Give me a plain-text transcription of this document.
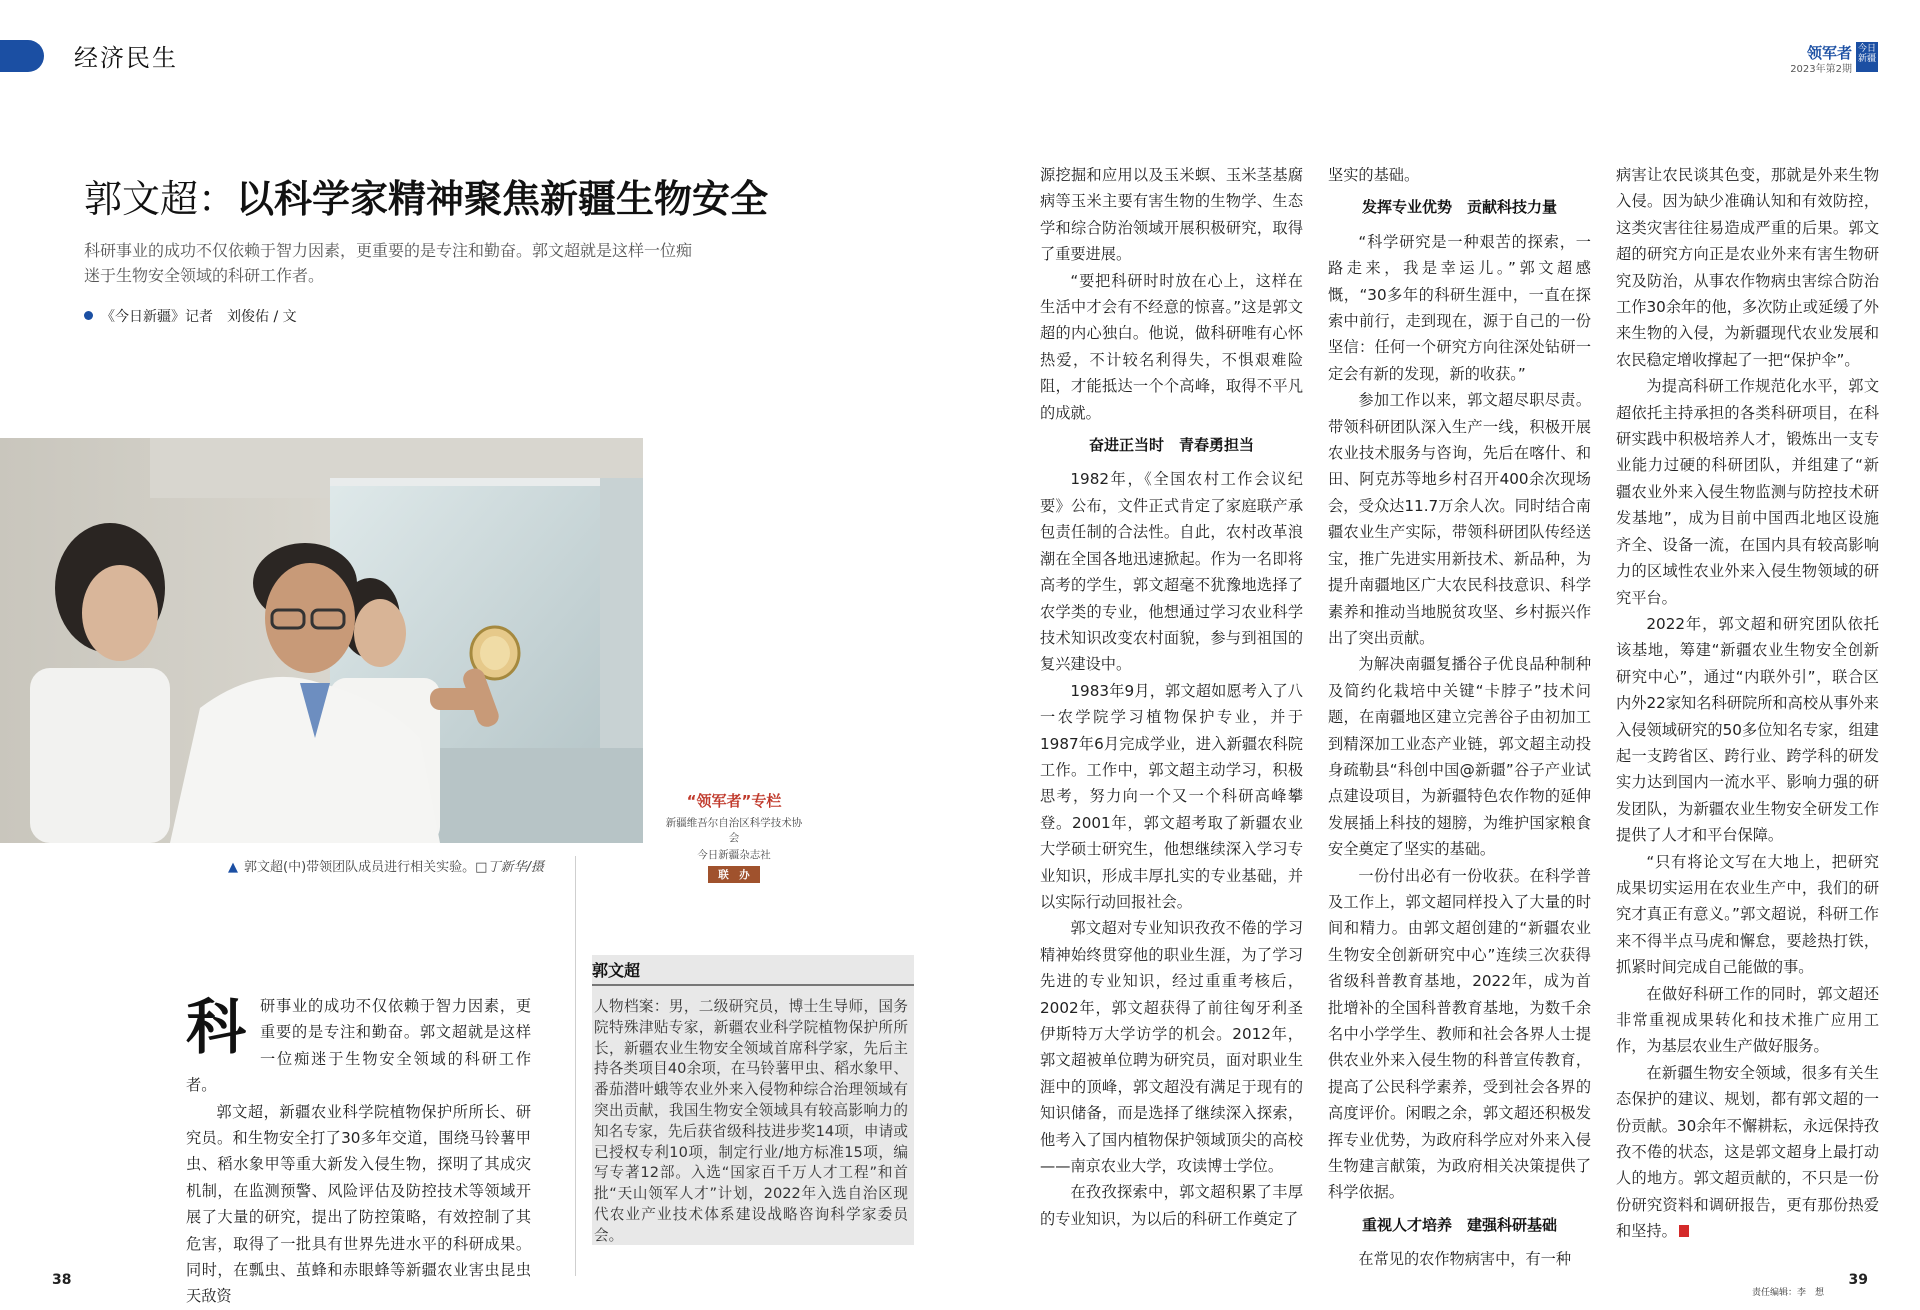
经济民生	领军者
2023年第2期
今日新疆
郭文超：以科学家精神聚焦新疆生物安全
科研事业的成功不仅依赖于智力因素，更重要的是专注和勤奋。郭文超就是这样一位痴迷于生物安全领域的科研工作者。
《今日新疆》记者　刘俊佑 / 文
▲ 郭文超(中)带领团队成员进行相关实验。□丁新华/摄
“领军者”专栏
新疆维吾尔自治区科学技术协会
今日新疆杂志社
联　办
科 研事业的成功不仅依赖于智力因素，更重要的是专注和勤奋。郭文超就是这样一位痴迷于生物安全领域的科研工作者。

郭文超，新疆农业科学院植物保护所所长、研究员。和生物安全打了30多年交道，围绕马铃薯甲虫、稻水象甲等重大新发入侵生物，探明了其成灾机制，在监测预警、风险评估及防控技术等领域开展了大量的研究，提出了防控策略，有效控制了其危害，取得了一批具有世界先进水平的科研成果。同时，在瓢虫、茧蜂和赤眼蜂等新疆农业害虫昆虫天敌资

郭文超
人物档案：男，二级研究员，博士生导师，国务院特殊津贴专家，新疆农业科学院植物保护所所长，新疆农业生物安全领域首席科学家，先后主持各类项目40余项，在马铃薯甲虫、稻水象甲、番茄潜叶蛾等农业外来入侵物种综合治理领域有突出贡献，我国生物安全领域具有较高影响力的知名专家，先后获省级科技进步奖14项，申请或已授权专利10项，制定行业/地方标准15项，编写专著12部。入选“国家百千万人才工程”和首批“天山领军人才”计划，2022年入选自治区现代农业产业技术体系建设战略咨询科学家委员会。

源挖掘和应用以及玉米螟、玉米茎基腐病等玉米主要有害生物的生物学、生态学和综合防治领域开展积极研究，取得了重要进展。

“要把科研时时放在心上，这样在生活中才会有不经意的惊喜。”这是郭文超的内心独白。他说，做科研唯有心怀热爱，不计较名利得失，不惧艰难险阻，才能抵达一个个高峰，取得不平凡的成就。

奋进正当时　青春勇担当

1982年，《全国农村工作会议纪要》公布，文件正式肯定了家庭联产承包责任制的合法性。自此，农村改革浪潮在全国各地迅速掀起。作为一名即将高考的学生，郭文超毫不犹豫地选择了农学类的专业，他想通过学习农业科学技术知识改变农村面貌，参与到祖国的复兴建设中。

1983年9月，郭文超如愿考入了八一农学院学习植物保护专业，并于1987年6月完成学业，进入新疆农科院工作。工作中，郭文超主动学习，积极思考，努力向一个又一个科研高峰攀登。2001年，郭文超考取了新疆农业大学硕士研究生，他想继续深入学习专业知识，形成丰厚扎实的专业基础，并以实际行动回报社会。

郭文超对专业知识孜孜不倦的学习精神始终贯穿他的职业生涯，为了学习先进的专业知识，经过重重考核后，2002年，郭文超获得了前往匈牙利圣伊斯特万大学访学的机会。2012年，郭文超被单位聘为研究员，面对职业生涯中的顶峰，郭文超没有满足于现有的知识储备，而是选择了继续深入探索，他考入了国内植物保护领域顶尖的高校——南京农业大学，攻读博士学位。

在孜孜探索中，郭文超积累了丰厚的专业知识，为以后的科研工作奠定了

坚实的基础。

发挥专业优势　贡献科技力量

“科学研究是一种艰苦的探索，一路走来，我是幸运儿。”郭文超感慨，“30多年的科研生涯中，一直在探索中前行，走到现在，源于自己的一份坚信：任何一个研究方向往深处钻研一定会有新的发现，新的收获。”

参加工作以来，郭文超尽职尽责。带领科研团队深入生产一线，积极开展农业技术服务与咨询，先后在喀什、和田、阿克苏等地乡村召开400余次现场会，受众达11.7万余人次。同时结合南疆农业生产实际，带领科研团队传经送宝，推广先进实用新技术、新品种，为提升南疆地区广大农民科技意识、科学素养和推动当地脱贫攻坚、乡村振兴作出了突出贡献。

为解决南疆复播谷子优良品种制种及简约化栽培中关键“卡脖子”技术问题，在南疆地区建立完善谷子由初加工到精深加工业态产业链，郭文超主动投身疏勒县“科创中国@新疆”谷子产业试点建设项目，为新疆特色农作物的延伸发展插上科技的翅膀，为维护国家粮食安全奠定了坚实的基础。

一份付出必有一份收获。在科学普及工作上，郭文超同样投入了大量的时间和精力。由郭文超创建的“新疆农业生物安全创新研究中心”连续三次获得省级科普教育基地，2022年，成为首批增补的全国科普教育基地，为数千余名中小学学生、教师和社会各界人士提供农业外来入侵生物的科普宣传教育，提高了公民科学素养，受到社会各界的高度评价。闲暇之余，郭文超还积极发挥专业优势，为政府科学应对外来入侵生物建言献策，为政府相关决策提供了科学依据。

重视人才培养　建强科研基础

在常见的农作物病害中，有一种

病害让农民谈其色变，那就是外来生物入侵。因为缺少准确认知和有效防控，这类灾害往往易造成严重的后果。郭文超的研究方向正是农业外来有害生物研究及防治，从事农作物病虫害综合防治工作30余年的他，多次防止或延缓了外来生物的入侵，为新疆现代农业发展和农民稳定增收撑起了一把“保护伞”。

为提高科研工作规范化水平，郭文超依托主持承担的各类科研项目，在科研实践中积极培养人才，锻炼出一支专业能力过硬的科研团队，并组建了“新疆农业外来入侵生物监测与防控技术研发基地”，成为目前中国西北地区设施齐全、设备一流，在国内具有较高影响力的区域性农业外来入侵生物领域的研究平台。

2022年，郭文超和研究团队依托该基地，筹建“新疆农业生物安全创新研究中心”，通过“内联外引”，联合区内外22家知名科研院所和高校从事外来入侵领域研究的50多位知名专家，组建起一支跨省区、跨行业、跨学科的研发实力达到国内一流水平、影响力强的研发团队，为新疆农业生物安全研发工作提供了人才和平台保障。

“只有将论文写在大地上，把研究成果切实运用在农业生产中，我们的研究才真正有意义。”郭文超说，科研工作来不得半点马虎和懈怠，要趁热打铁，抓紧时间完成自己能做的事。

在做好科研工作的同时，郭文超还非常重视成果转化和技术推广应用工作，为基层农业生产做好服务。

在新疆生物安全领域，很多有关生态保护的建议、规划，都有郭文超的一份贡献。30余年不懈耕耘，永远保持孜孜不倦的状态，这是郭文超身上最打动人的地方。郭文超贡献的，不只是一份份研究资料和调研报告，更有那份热爱和坚持。

38	39
责任编辑：李　想
